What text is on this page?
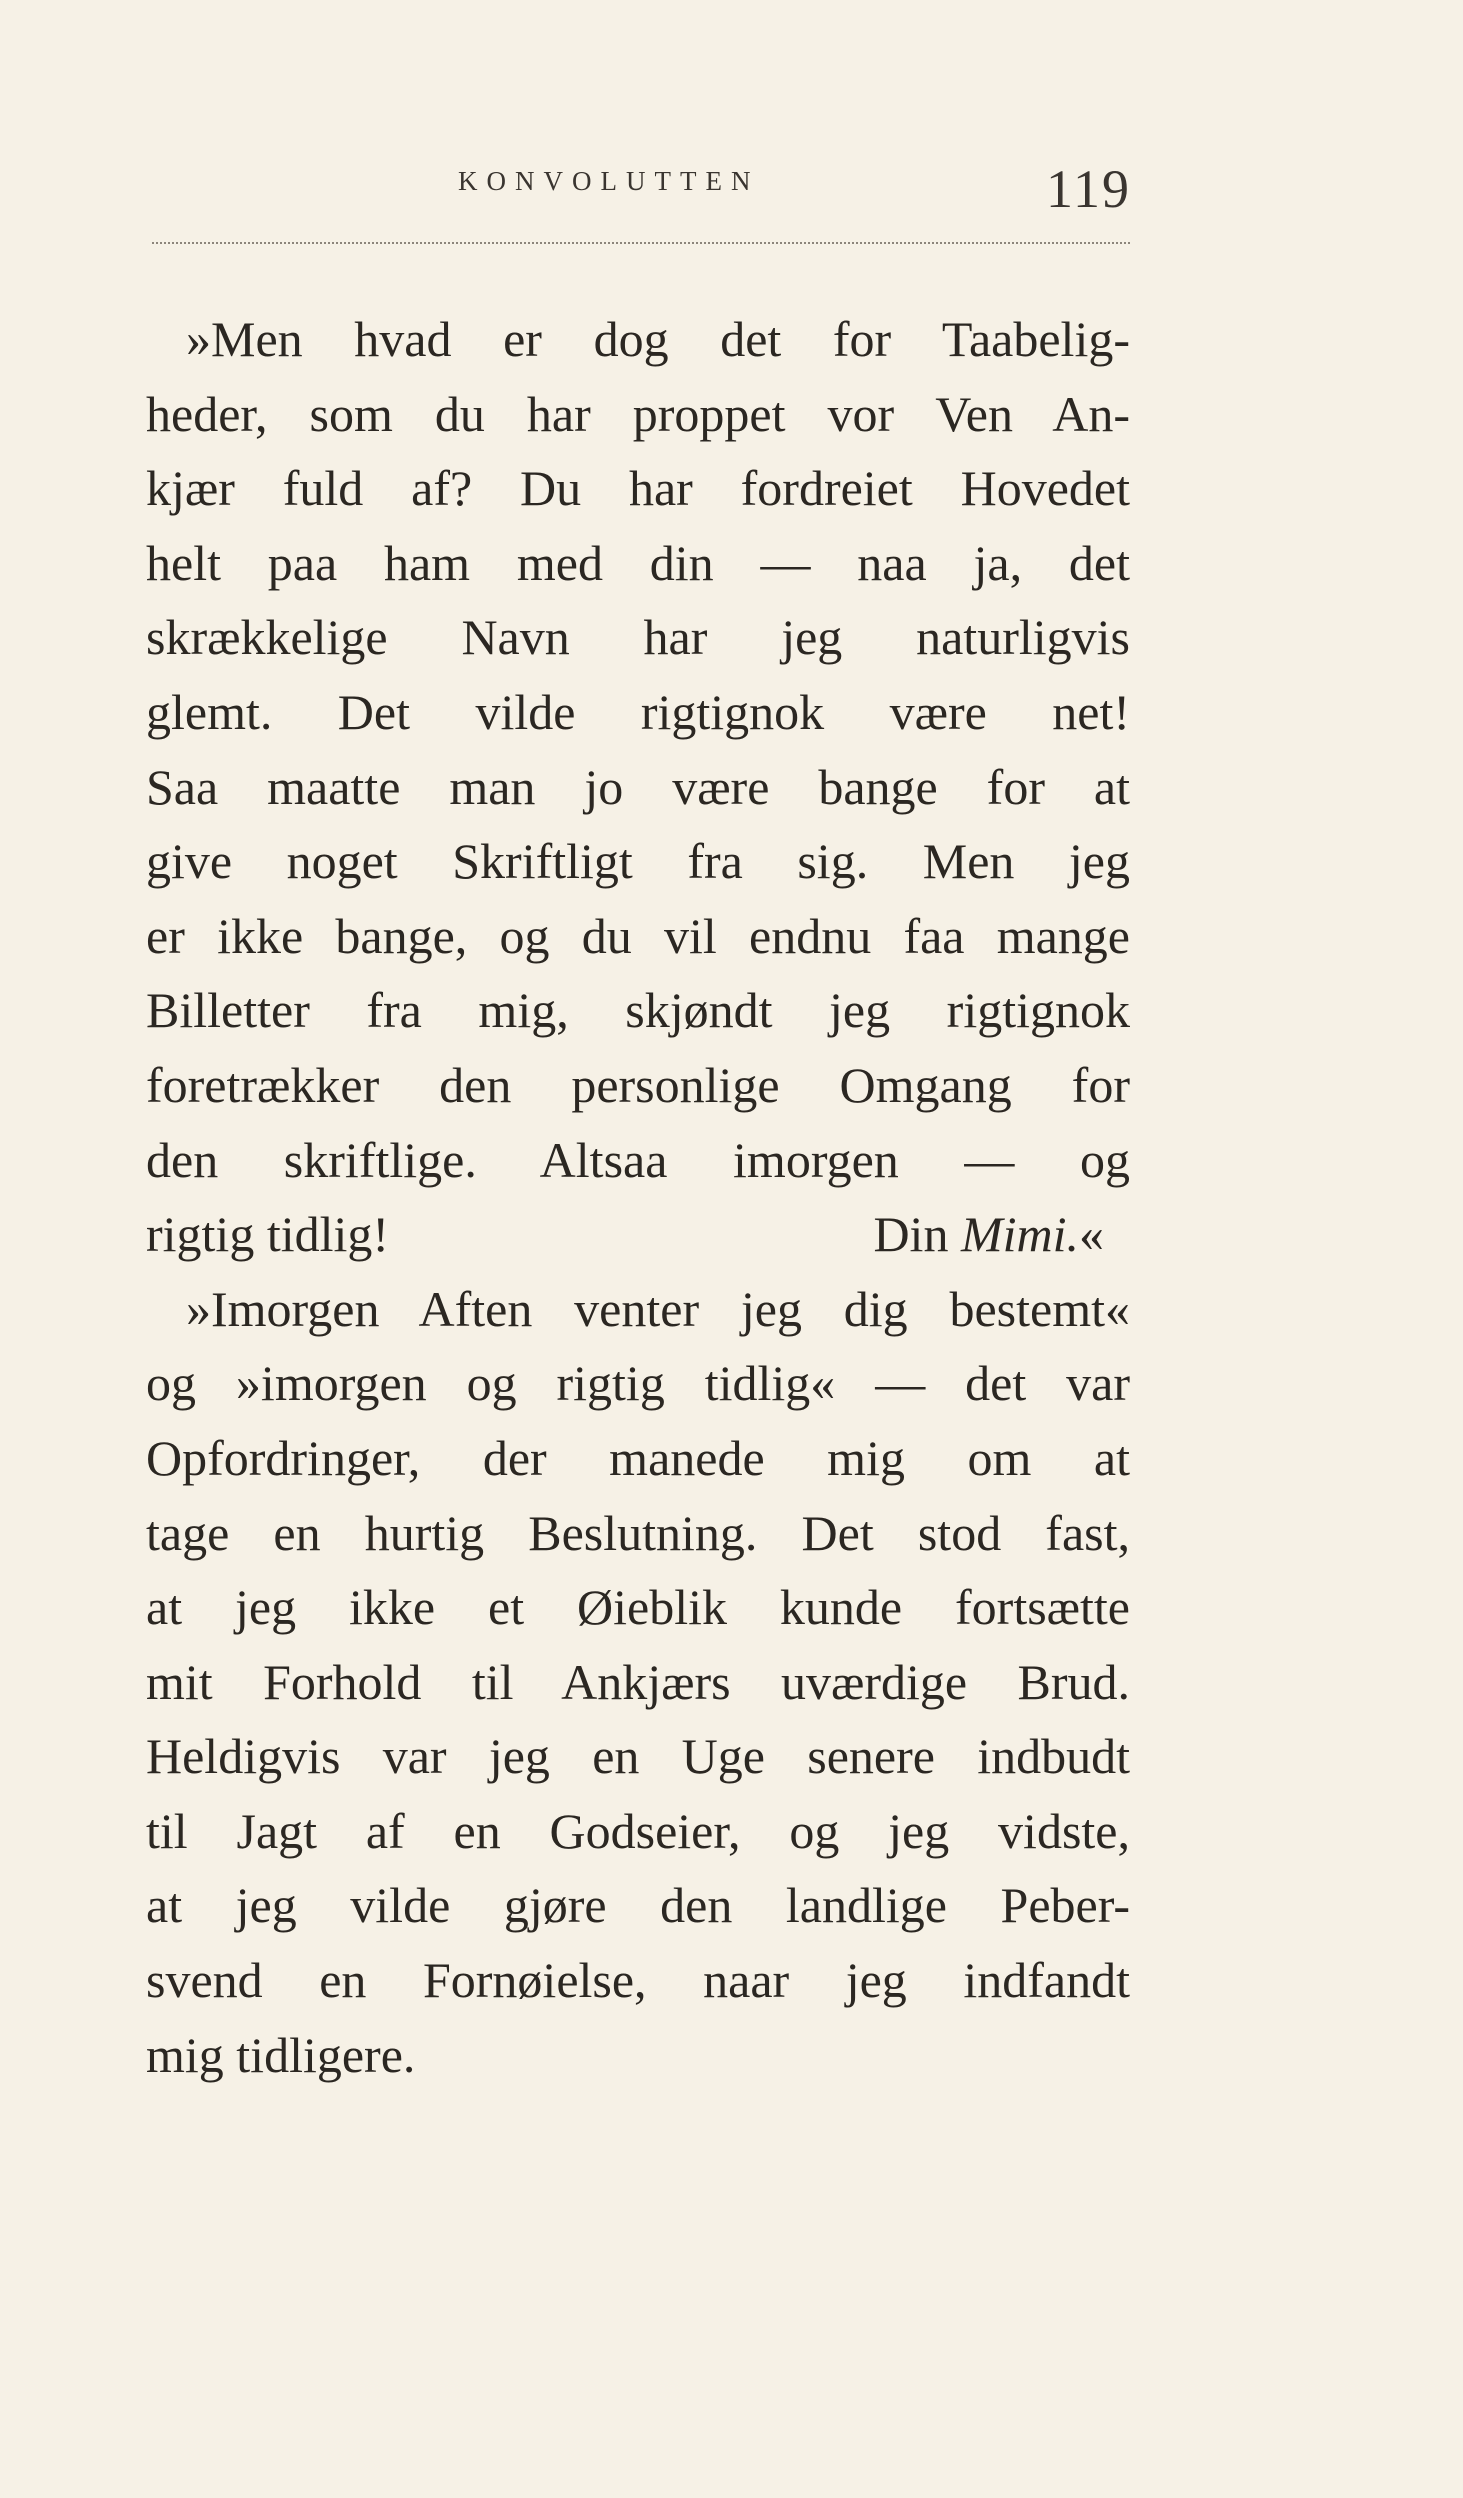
KONVOLUTTEN	119
»Men hvad er dog det for Taabelig-
heder, som du har proppet vor Ven An-
kjær fuld af? Du har fordreiet Hovedet
helt paa ham med din — naa ja, det
skrækkelige Navn har jeg naturligvis
glemt. Det vilde rigtignok være net!
Saa maatte man jo være bange for at
give noget Skriftligt fra sig. Men jeg
er ikke bange, og du vil endnu faa mange
Billetter fra mig, skjøndt jeg rigtignok
foretrækker den personlige Omgang for
den skriftlige. Altsaa imorgen — og
rigtig tidlig!	Din Mimi.«
»Imorgen Aften venter jeg dig bestemt«
og »imorgen og rigtig tidlig« — det var
Opfordringer, der manede mig om at
tage en hurtig Beslutning. Det stod fast,
at jeg ikke et Øieblik kunde fortsætte
mit Forhold til Ankjærs uværdige Brud.
Heldigvis var jeg en Uge senere indbudt
til Jagt af en Godseier, og jeg vidste,
at jeg vilde gjøre den landlige Peber-
svend en Fornøielse, naar jeg indfandt
mig tidligere.
